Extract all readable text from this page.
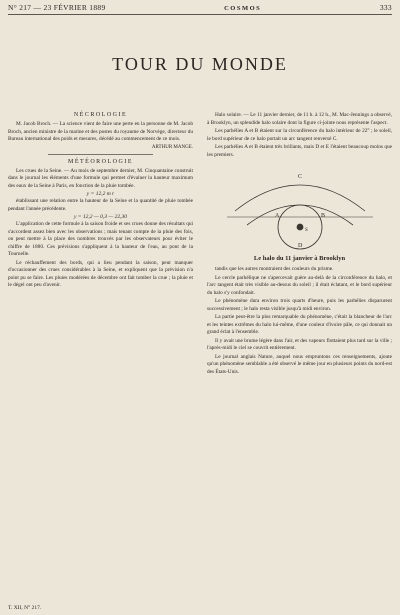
N° 217 — 23 FÉVRIER 1889	COSMOS	333
TOUR DU MONDE
NÉCROLOGIE

M. Jacob Broch. — La science vient de faire une perte en la personne de M. Jacob Broch, ancien ministre de la marine et des postes du royaume de Norvège, directeur du Bureau international des poids et mesures, décédé au commencement de ce mois.

ARTHUR MANGE.
MÉTÉOROLOGIE

Les crues de la Seine. — Au mois de septembre dernier, M. Cinquantaine construit dans le journal les éléments d'une formule qui permet d'évaluer la hauteur maximum des eaux de la Seine à Paris, en fonction de la pluie tombée.

y = 12,2 m r

établissant une relation entre la hauteur de la Seine et la quantité de pluie tombée pendant l'année précédente.

y = 12,2 — 0,3 — 22,30

L'application de cette formule à la saison froide et ses crues donne des résultats qui s'accordent assez bien avec les observations ; mais tenant compte de la pluie des fois, on peut mettre à la place des nombres trouvés par les observateurs pour éviter le chiffre de 1880. Ces prévisions s'appliquent à la hauteur de l'eau, au pont de la Tournelle.

Le réchauffement des bords, qui a lieu pendant la saison, peut manquer d'occasionner des crues considérables à la Seine, et expliquent que la prévision n'a point pu se faire. Les pluies modérées de décembre ont fait tomber la crue ; la pluie et le dégel ont peu d'avenir.

Halo solaire. — Le 11 janvier dernier, de 11 h. à 12 h., M. Mac-Jennings a observé, à Brooklyn, un splendide halo solaire dont la figure ci-jointe nous représente l'aspect.

Les parhélies A et B étaient sur la circonférence du halo intérieur de 22° ; le soleil, le bord supérieur de ce halo portait un arc tangent renversé C.

Les parhélies A et B étaient très brillants, mais D et E l'étaient beaucoup moins que les premiers.

A	B
C
D
S
Le halo du 11 janvier à Brooklyn

tandis que les autres montraient des couleurs du prisme.

Le cercle parhélique ne s'apercevait guère au-delà de la circonférence du halo, et l'arc tangent était très visible au-dessus du soleil ; il était éclatant, et le bord supérieur du halo s'y confondait.

Le phénomène dura environ trois quarts d'heure, puis les parhélies disparurent successivement ; le halo resta visible jusqu'à midi environ.

La partie peut-être la plus remarquable du phénomène, c'était la blancheur de l'arc et les teintes extrêmes du halo lui-même, d'une couleur d'ivoire pâle, ce qui donnait un grand éclat à l'ensemble.

Il y avait une brume légère dans l'air, et des vapeurs flottaient plus tard sur la ville ; l'après-midi le ciel se couvrit entièrement.

Le journal anglais Nature, auquel nous empruntons ces renseignements, ajoute qu'un phénomène semblable a été observé le même jour en plusieurs points du nord-est des États-Unis.

T. XII, N° 217.
